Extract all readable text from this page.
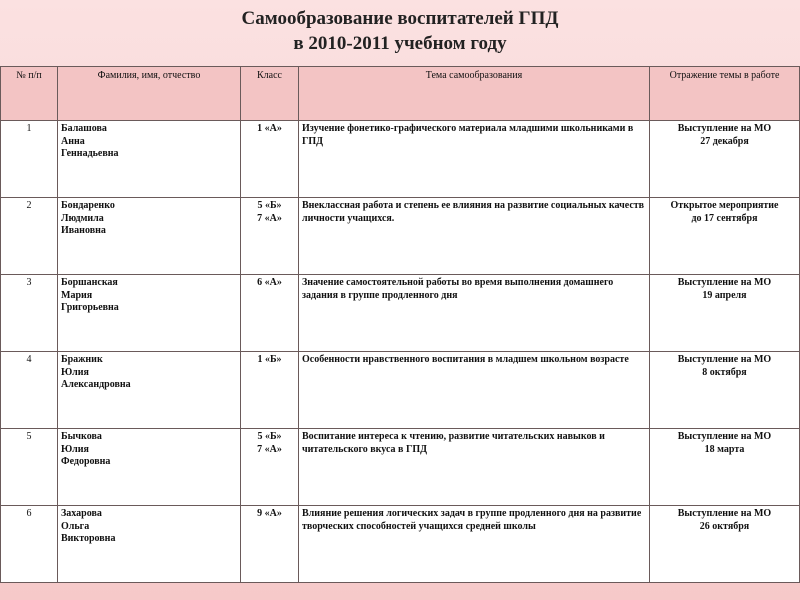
Самообразование воспитателей ГПД
в 2010-2011 учебном году
№ п/п	Фамилия, имя, отчество	Класс	Тема самообразования	Отражение темы в работе
1	Балашова
Анна
Геннадьевна	1 «А»	Изучение фонетико-графического материала младшими школьниками в ГПД	Выступление на МО
27 декабря

2	Бондаренко
Людмила
Ивановна	5 «Б»
7 «А»	Внеклассная работа и степень ее влияния на развитие социальных качеств личности учащихся.	Открытое мероприятие
до 17 сентября

3	Боршанская
Мария
Григорьевна	6 «А»	Значение самостоятельной работы во время выполнения домашнего задания в группе продленного дня	Выступление на МО
19 апреля

4	Бражник
Юлия
Александровна	1 «Б»	Особенности нравственного воспитания в младшем школьном возрасте	Выступление на МО
8 октября

5	Бычкова
Юлия
Федоровна	5 «Б»
7 «А»	Воспитание интереса к чтению, развитие читательских навыков и читательского вкуса в ГПД	Выступление на МО
18 марта

6	Захарова
Ольга
Викторовна	9 «А»	Влияние решения логических задач в группе продленного дня на развитие творческих способностей учащихся средней школы	Выступление на МО
26 октября
